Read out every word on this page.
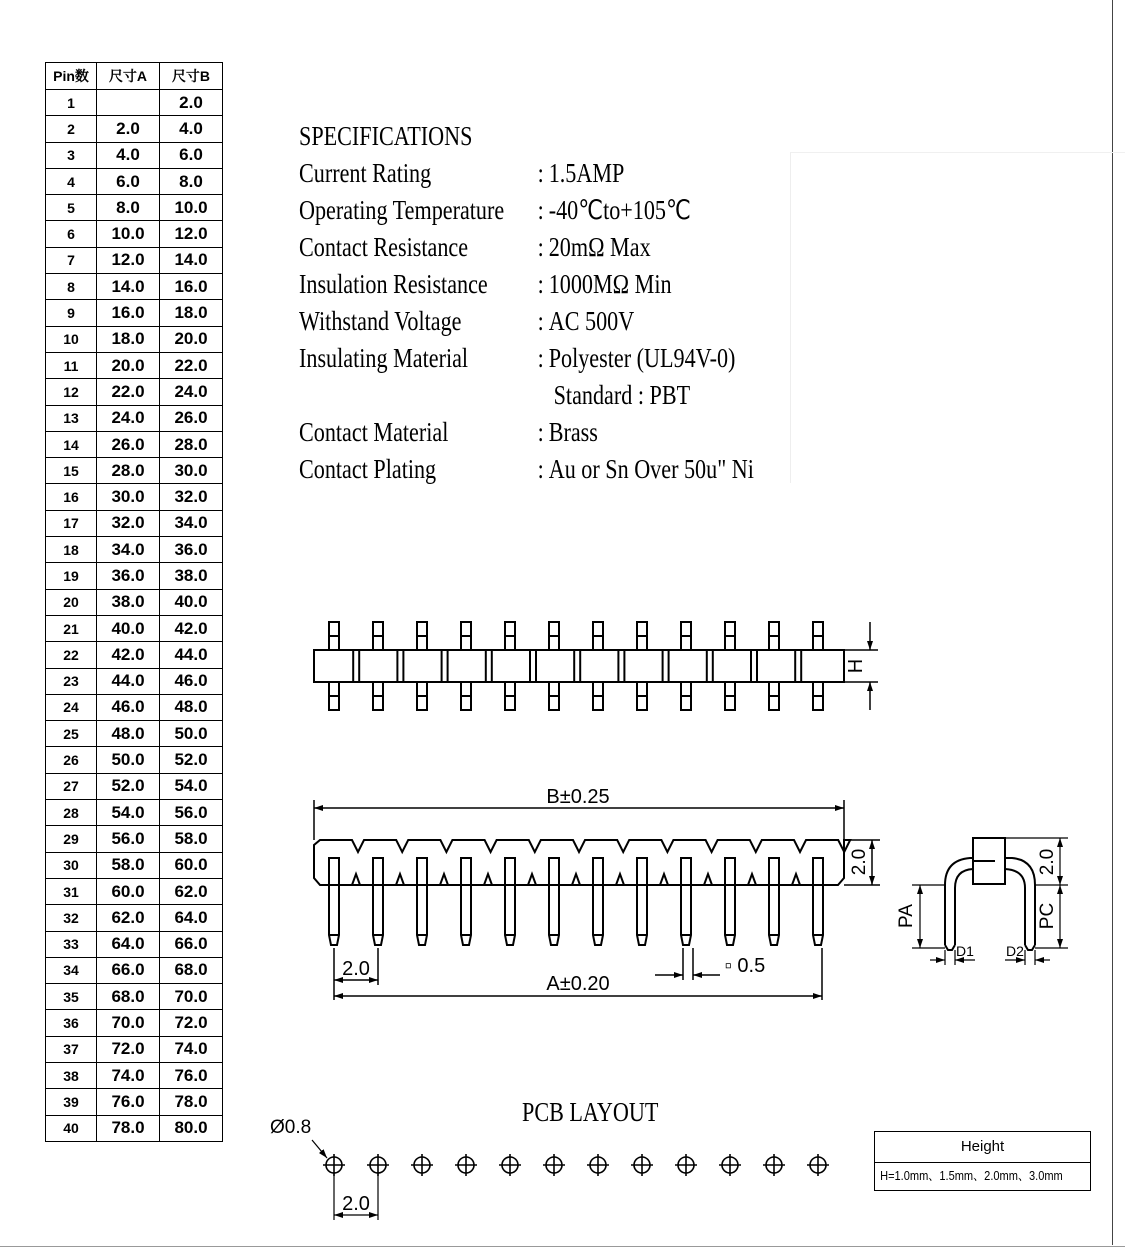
Pin数	尺寸A	尺寸B
1		2.0
2	2.0	4.0
3	4.0	6.0
4	6.0	8.0
5	8.0	10.0
6	10.0	12.0
7	12.0	14.0
8	14.0	16.0
9	16.0	18.0
10	18.0	20.0
11	20.0	22.0
12	22.0	24.0
13	24.0	26.0
14	26.0	28.0
15	28.0	30.0
16	30.0	32.0
17	32.0	34.0
18	34.0	36.0
19	36.0	38.0
20	38.0	40.0
21	40.0	42.0
22	42.0	44.0
23	44.0	46.0
24	46.0	48.0
25	48.0	50.0
26	50.0	52.0
27	52.0	54.0
28	54.0	56.0
29	56.0	58.0
30	58.0	60.0
31	60.0	62.0
32	62.0	64.0
33	64.0	66.0
34	66.0	68.0
35	68.0	70.0
36	70.0	72.0
37	72.0	74.0
38	74.0	76.0
39	76.0	78.0
40	78.0	80.0
SPECIFICATIONS
Current Rating	: 1.5AMP
Operating Temperature	: -40℃to+105℃
Contact Resistance	: 20mΩ Max
Insulation Resistance	: 1000MΩ Min
Withstand Voltage	: AC 500V
Insulating Material	: Polyester (UL94V-0)

Standard : PBT
Contact Material	: Brass
Contact Plating	: Au or Sn Over 50u" Ni
H
B±0.25
2.0
2.0
A±0.20
▫ 0.5
2.0
PA	PC
D1 D2
Ø0.8
2.0
PCB LAYOUT
Height
H=1.0mm、1.5mm、2.0mm、3.0mm
